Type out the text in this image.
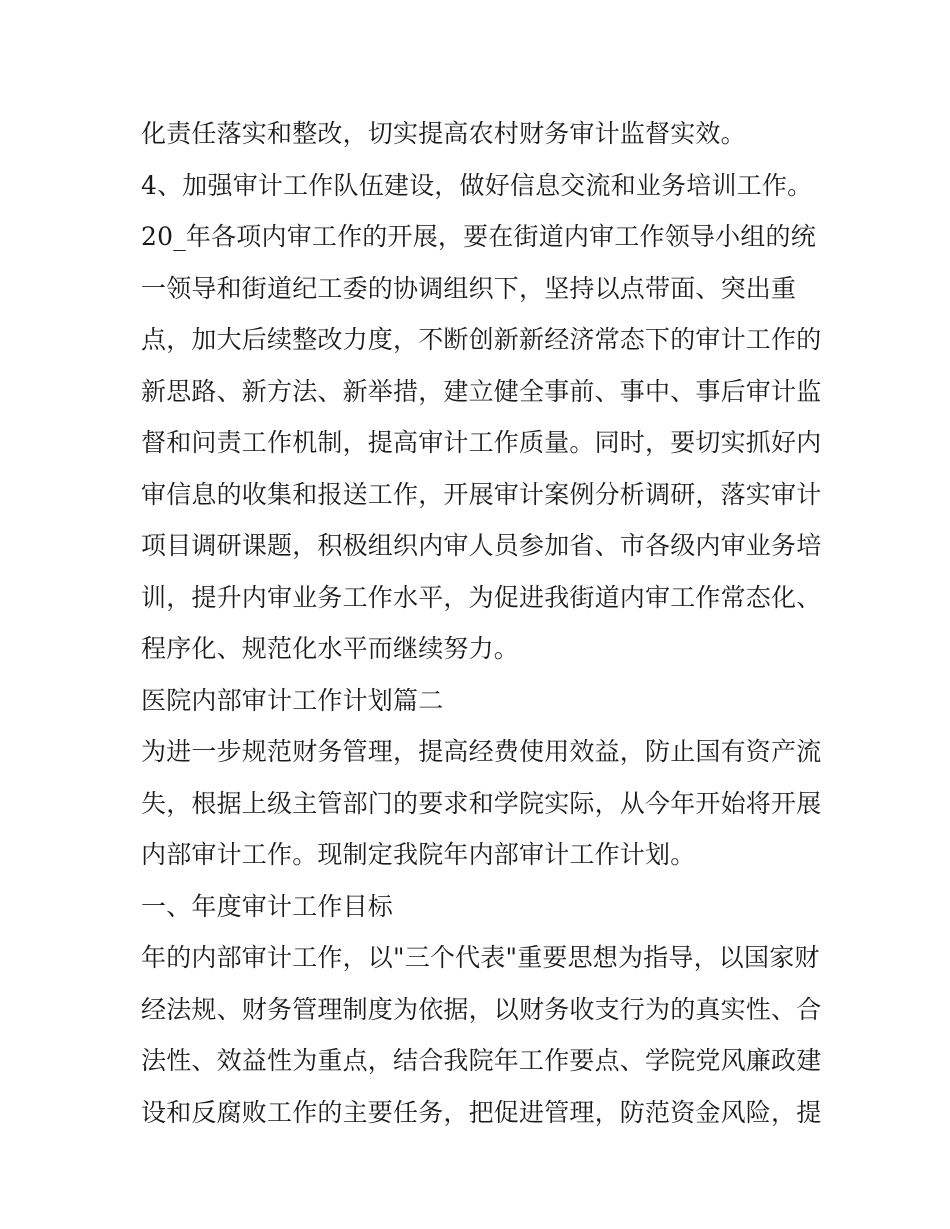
化责任落实和整改，切实提高农村财务审计监督实效。
4、加强审计工作队伍建设，做好信息交流和业务培训工作。
20_年各项内审工作的开展，要在街道内审工作领导小组的统
一领导和街道纪工委的协调组织下，坚持以点带面、突出重
点，加大后续整改力度，不断创新新经济常态下的审计工作的
新思路、新方法、新举措，建立健全事前、事中、事后审计监
督和问责工作机制，提高审计工作质量。同时，要切实抓好内
审信息的收集和报送工作，开展审计案例分析调研，落实审计
项目调研课题，积极组织内审人员参加省、市各级内审业务培
训，提升内审业务工作水平，为促进我街道内审工作常态化、
程序化、规范化水平而继续努力。
医院内部审计工作计划篇二
为进一步规范财务管理，提高经费使用效益，防止国有资产流
失，根据上级主管部门的要求和学院实际，从今年开始将开展
内部审计工作。现制定我院年内部审计工作计划。
一、年度审计工作目标
年的内部审计工作，以"三个代表"重要思想为指导，以国家财
经法规、财务管理制度为依据，以财务收支行为的真实性、合
法性、效益性为重点，结合我院年工作要点、学院党风廉政建
设和反腐败工作的主要任务，把促进管理，防范资金风险，提
